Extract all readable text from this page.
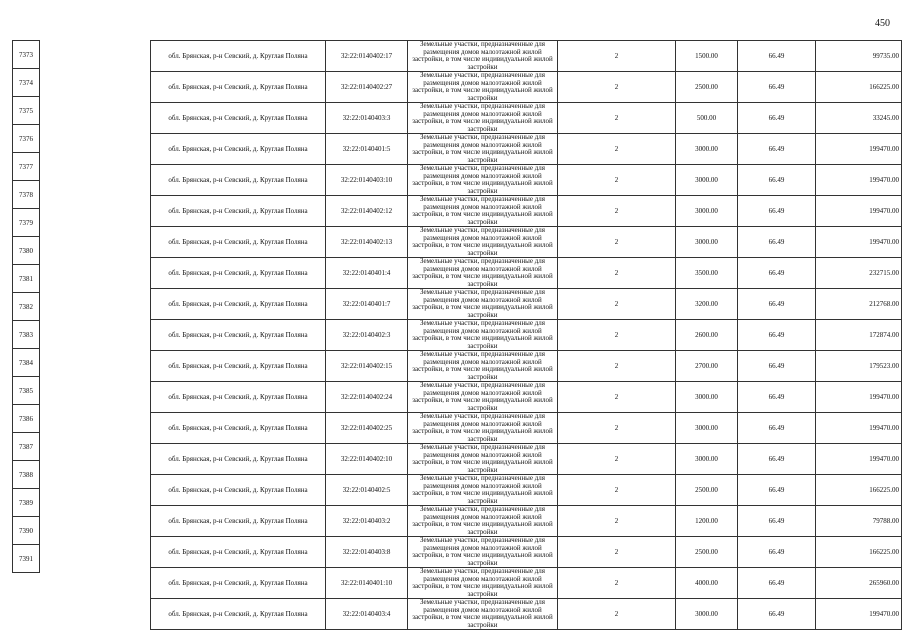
450
7373
7374
7375
7376
7377
7378
7379
7380
7381
7382
7383
7384
7385
7386
7387
7388
7389
7390
7391
обл. Брянская, р-н Севский, д. Круглая Поляна	32:22:0140402:17	Земельные участки, предназначенные для размещения домов малоэтажной жилой застройки, в том числе индивидуальной жилой застройки	2	1500.00	66.49	99735.00
обл. Брянская, р-н Севский, д. Круглая Поляна	32:22:0140402:27	Земельные участки, предназначенные для размещения домов малоэтажной жилой застройки, в том числе индивидуальной жилой застройки	2	2500.00	66.49	166225.00
обл. Брянская, р-н Севский, д. Круглая Поляна	32:22:0140403:3	Земельные участки, предназначенные для размещения домов малоэтажной жилой застройки, в том числе индивидуальной жилой застройки	2	500.00	66.49	33245.00
обл. Брянская, р-н Севский, д. Круглая Поляна	32:22:0140401:5	Земельные участки, предназначенные для размещения домов малоэтажной жилой застройки, в том числе индивидуальной жилой застройки	2	3000.00	66.49	199470.00
обл. Брянская, р-н Севский, д. Круглая Поляна	32:22:0140403:10	Земельные участки, предназначенные для размещения домов малоэтажной жилой застройки, в том числе индивидуальной жилой застройки	2	3000.00	66.49	199470.00
обл. Брянская, р-н Севский, д. Круглая Поляна	32:22:0140402:12	Земельные участки, предназначенные для размещения домов малоэтажной жилой застройки, в том числе индивидуальной жилой застройки	2	3000.00	66.49	199470.00
обл. Брянская, р-н Севский, д. Круглая Поляна	32:22:0140402:13	Земельные участки, предназначенные для размещения домов малоэтажной жилой застройки, в том числе индивидуальной жилой застройки	2	3000.00	66.49	199470.00
обл. Брянская, р-н Севский, д. Круглая Поляна	32:22:0140401:4	Земельные участки, предназначенные для размещения домов малоэтажной жилой застройки, в том числе индивидуальной жилой застройки	2	3500.00	66.49	232715.00
обл. Брянская, р-н Севский, д. Круглая Поляна	32:22:0140401:7	Земельные участки, предназначенные для размещения домов малоэтажной жилой застройки, в том числе индивидуальной жилой застройки	2	3200.00	66.49	212768.00
обл. Брянская, р-н Севский, д. Круглая Поляна	32:22:0140402:3	Земельные участки, предназначенные для размещения домов малоэтажной жилой застройки, в том числе индивидуальной жилой застройки	2	2600.00	66.49	172874.00
обл. Брянская, р-н Севский, д. Круглая Поляна	32:22:0140402:15	Земельные участки, предназначенные для размещения домов малоэтажной жилой застройки, в том числе индивидуальной жилой застройки	2	2700.00	66.49	179523.00
обл. Брянская, р-н Севский, д. Круглая Поляна	32:22:0140402:24	Земельные участки, предназначенные для размещения домов малоэтажной жилой застройки, в том числе индивидуальной жилой застройки	2	3000.00	66.49	199470.00
обл. Брянская, р-н Севский, д. Круглая Поляна	32:22:0140402:25	Земельные участки, предназначенные для размещения домов малоэтажной жилой застройки, в том числе индивидуальной жилой застройки	2	3000.00	66.49	199470.00
обл. Брянская, р-н Севский, д. Круглая Поляна	32:22:0140402:10	Земельные участки, предназначенные для размещения домов малоэтажной жилой застройки, в том числе индивидуальной жилой застройки	2	3000.00	66.49	199470.00
обл. Брянская, р-н Севский, д. Круглая Поляна	32:22:0140402:5	Земельные участки, предназначенные для размещения домов малоэтажной жилой застройки, в том числе индивидуальной жилой застройки	2	2500.00	66.49	166225.00
обл. Брянская, р-н Севский, д. Круглая Поляна	32:22:0140403:2	Земельные участки, предназначенные для размещения домов малоэтажной жилой застройки, в том числе индивидуальной жилой застройки	2	1200.00	66.49	79788.00
обл. Брянская, р-н Севский, д. Круглая Поляна	32:22:0140403:8	Земельные участки, предназначенные для размещения домов малоэтажной жилой застройки, в том числе индивидуальной жилой застройки	2	2500.00	66.49	166225.00
обл. Брянская, р-н Севский, д. Круглая Поляна	32:22:0140401:10	Земельные участки, предназначенные для размещения домов малоэтажной жилой застройки, в том числе индивидуальной жилой застройки	2	4000.00	66.49	265960.00
обл. Брянская, р-н Севский, д. Круглая Поляна	32:22:0140403:4	Земельные участки, предназначенные для размещения домов малоэтажной жилой застройки, в том числе индивидуальной жилой застройки	2	3000.00	66.49	199470.00
